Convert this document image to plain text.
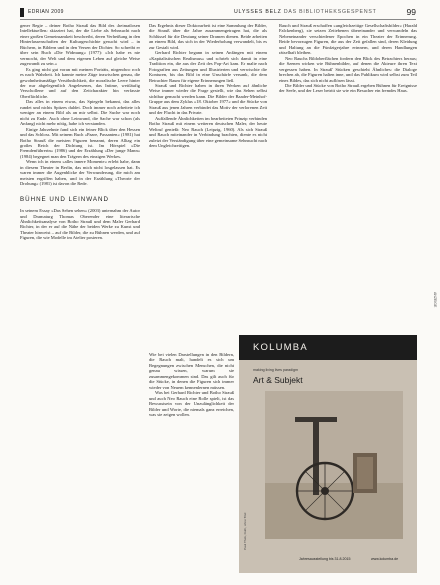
EDRIAN 2009	ULYSSES BELZ DAS BIBLIOTHEKSGESPENST	99

gener Regie – deiner Botho Strauß das Bild des ›heimatlosen Intellektuellen‹ skizziert hat, der die Liebe als Sehnsucht nach einer großen Gemeinsamkeit beschreibt, deren Verheißung in den Hinterlassenschaften der Kulturgeschichte gesucht wird – in Büchern, in Bildern und in den Versen der Dichter. So schreibt er über sein Buch »Die Widmung« (1977): »Ich habe es nie vermocht, der Welt und dem eigenen Leben auf gleiche Weise zugewandt zu sein.«

Es ging nicht gut voran mit meinen Porträts, nirgendwo roch es nach Wahrheit. Ich kannte meine Züge inzwischen genau, die gewohnheitsmäßige Versöhnlichkeit, die moralische Leere hinter der nur abgelegentlich Angelesenes, das Intime, weitläufig Verschollene und auf den Zeitcharakter hin verfasste Oberflächliche.

Das alles in einem etwas, das Spiegeln bekannt, das alles rundet und nichts Spitzes duldet. Doch immer noch arbeitete ich weniger an einem Bild als an mir selbst. Die Suche war noch nicht zu Ende. Auch ohne Leinwand, die Sache war schon (als Anfang) nicht mehr nötig, habe ich verstanden.

Einige Jahrzehnte fand sich ein feiner Blick über den Hessen und das Schloss. Mit seinem Buch »Paare, Passanten« (1981) hat Botho Strauß die meisten Figuren benannt, deren Alltag ein großes Reich der Dichtung ist. Im Hörspiel »Die Fremdenführerin« (1986) und der Erzählung »Der junge Mann« (1984) begegnet man den Trägern des einzigen Werkes.

Wenn ich in einem »alles innere Momente« erlebt habe, dann in diesem Theater in Berlin, das mich nicht losgelassen hat. Es waren immer die Augenblicke der Verwunderung, die mich am meisten ergriffen haben, und in der Erzählung »Theorie der Drohung« (1981) ist davon die Rede.

BÜHNE UND LEINWAND

In seinem Essay »Das Sehen sehen« (2003) unternahm der Autor und Dramaturg Thomas Oberender eine literarische Ähnlichkeitsanalyse von Botho Strauß und dem Maler Gerhard Richter, in der er auf die Nähe der beiden Werke zu Kunst und Theater hinweist – auf die Bilder, die zu Bühnen werden, und auf Figuren, die wie Modelle im Atelier posieren.

Das Ergebnis dieser Doktorarbeit ist eine Sammlung der Bilder, die Strauß über die Jahre zusammengetragen hat, die als Schlüssel für die Deutung seiner Dramen dienen. Beide arbeiten an einem Bild, das sich in der Wiederholung verwandelt, bis es zur Gestalt wird.

Gerhard Richter begann in seinen Anfängen mit einem »Kapitalistischen Realismus« und schrieb sich damit in eine Tradition ein, die aus der Zeit des Pop-Art kam. Er malte nach Fotografien aus Zeitungen und Illustrierten und verwischte die Konturen, bis das Bild in eine Unschärfe versank, die dem Betrachter Raum für eigene Erinnerungen ließ.

Strauß und Richter haben in ihren Werken auf ähnliche Weise immer wieder die Frage gestellt, wie das Sehen selbst sichtbar gemacht werden kann. Die Bilder der Baader-Meinhof-Gruppe aus dem Zyklus »18. Oktober 1977« und die Stücke von Strauß aus jenen Jahren verbindet das Motiv der verlorenen Zeit und der Flucht in das Private.

Auffallende Ähnlichkeiten im bearbeiteten Prinzip verbinden Botho Strauß mit einem weiteren deutschen Maler, der heute Weltruf genießt: Neo Rauch (Leipzig, 1960). Als sich Strauß und Rauch miteinander in Verbindung brachten, diente es nicht zuletzt der Verständigung über eine gemeinsame Sehnsucht nach dem Ungleichzeitigen.

Rauch und Strauß erschaffen »ungleichzeitige Gesellschaftsbilder« (Harald Falckenberg), sie setzen Zeitebenen übereinander und verwandeln das Nebeneinander verschiedener Epochen in ein Theater der Erinnerung. Beide bevorzugen Figuren, die aus der Zeit gefallen sind, deren Kleidung und Haltung an die Fünfzigerjahre erinnern, und deren Handlungen rätselhaft bleiben.

Neo Rauchs Bildoberflächen fordern den Blick des Betrachters heraus; die Szenen wirken wie Bühnenbilder, auf denen die Akteure ihren Text vergessen haben. In Strauß' Stücken geschieht Ähnliches: die Dialoge brechen ab, die Figuren halten inne, und das Publikum wird selbst zum Teil eines Bildes, das sich nicht auflösen lässt.

Die Bilder und Stücke von Botho Strauß ergeben Bühnen für Ereignisse der Seele, und der Leser betritt sie wie ein Besucher ein fremdes Haus.

Wie bei vielen Darstellungen in den Bildern, die Rauch malt, handelt es sich um Begegnungen zwischen Menschen, die nicht genau wissen, warum sie zusammengekommen sind. Das gilt auch für die Stücke, in denen die Figuren sich immer wieder von Neuem kennenlernen müssen.

Was bei Gerhard Richter und Botho Strauß und auch Neo Rauch eine Rolle spielt, ist das Bewusstsein von der Unzulänglichkeit der Bilder und Worte, die niemals ganz erreichen, was sie zeigen wollen.

KOLUMBA
making living lives paradigm
Art & Subjekt
Paul Thek, Ruth, ohne Titel
Jahresausstellung bis 31.8.2015	www.kolumba.de
ANZEIGE
